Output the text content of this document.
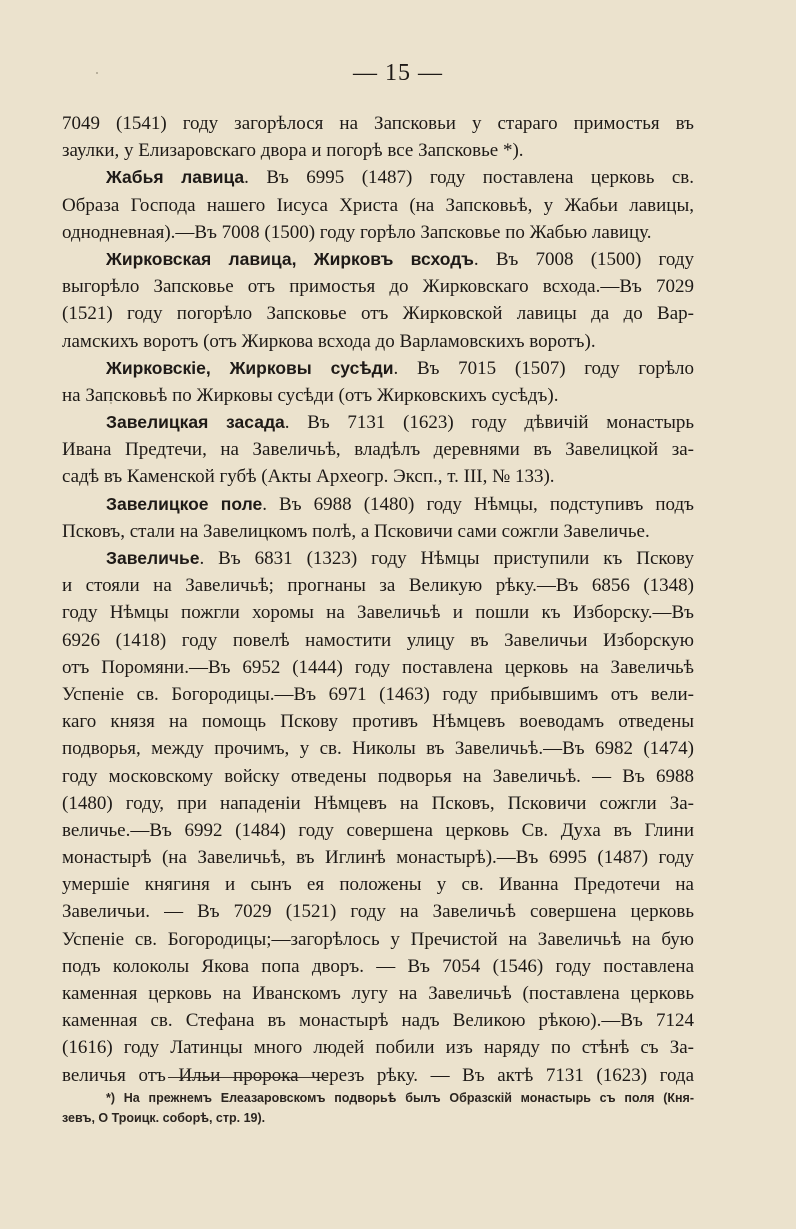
— 15 —
7049 (1541) году загорѣлося на Запсковьи у стараго примостья въ
заулки, у Елизаровскаго двора и погорѣ все Запсковье *).
Жабья лавица. Въ 6995 (1487) году поставлена церковь св.
Образа Господа нашего Іисуса Христа (на Запсковьѣ, у Жабьи лавицы,
однодневная).—Въ 7008 (1500) году горѣло Запсковье по Жабью лавицу.
Жирковская лавица, Жирковъ всходъ. Въ 7008 (1500) году
выгорѣло Запсковье отъ примостья до Жирковскаго всхода.—Въ 7029
(1521) году погорѣло Запсковье отъ Жирковской лавицы да до Вар-
ламскихъ воротъ (отъ Жиркова всхода до Варламовскихъ воротъ).
Жирковскіе, Жирковы сусѣди. Въ 7015 (1507) году горѣло
на Запсковьѣ по Жирковы сусѣди (отъ Жирковскихъ сусѣдъ).
Завелицкая засада. Въ 7131 (1623) году дѣвичій монастырь
Ивана Предтечи, на Завеличьѣ, владѣлъ деревнями въ Завелицкой за-
садѣ въ Каменской губѣ (Акты Археогр. Эксп., т. III, № 133).
Завелицкое поле. Въ 6988 (1480) году Нѣмцы, подступивъ подъ
Псковъ, стали на Завелицкомъ полѣ, а Псковичи сами сожгли Завеличье.
Завеличье. Въ 6831 (1323) году Нѣмцы приступили къ Пскову
и стояли на Завеличьѣ; прогнаны за Великую рѣку.—Въ 6856 (1348)
году Нѣмцы пожгли хоромы на Завеличьѣ и пошли къ Изборску.—Въ
6926 (1418) году повелѣ намостити улицу въ Завеличьи Изборскую
отъ Поромяни.—Въ 6952 (1444) году поставлена церковь на Завеличьѣ
Успеніе св. Богородицы.—Въ 6971 (1463) году прибывшимъ отъ вели-
каго князя на помощь Пскову противъ Нѣмцевъ воеводамъ отведены
подворья, между прочимъ, у св. Николы въ Завеличьѣ.—Въ 6982 (1474)
году московскому войску отведены подворья на Завеличьѣ. — Въ 6988
(1480) году, при нападеніи Нѣмцевъ на Псковъ, Псковичи сожгли За-
величье.—Въ 6992 (1484) году совершена церковь Св. Духа въ Глини
монастырѣ (на Завеличьѣ, въ Иглинѣ монастырѣ).—Въ 6995 (1487) году
умершіе княгиня и сынъ ея положены у св. Иванна Предотечи на
Завеличьи. — Въ 7029 (1521) году на Завеличьѣ совершена церковь
Успеніе св. Богородицы;—загорѣлось у Пречистой на Завеличьѣ на бую
подъ колоколы Якова попа дворъ. — Въ 7054 (1546) году поставлена
каменная церковь на Иванскомъ лугу на Завеличьѣ (поставлена церковь
каменная св. Стефана въ монастырѣ надъ Великою рѣкою).—Въ 7124
(1616) году Латинцы много людей побили изъ наряду по стѣнѣ съ За-
величья отъ Ильи пророка черезъ рѣку. — Въ актѣ 7131 (1623) года
*) На прежнемъ Елеазаровскомъ подворьѣ былъ Образскій монастырь съ поля (Кня-
зевъ, О Троицк. соборѣ, стр. 19).
